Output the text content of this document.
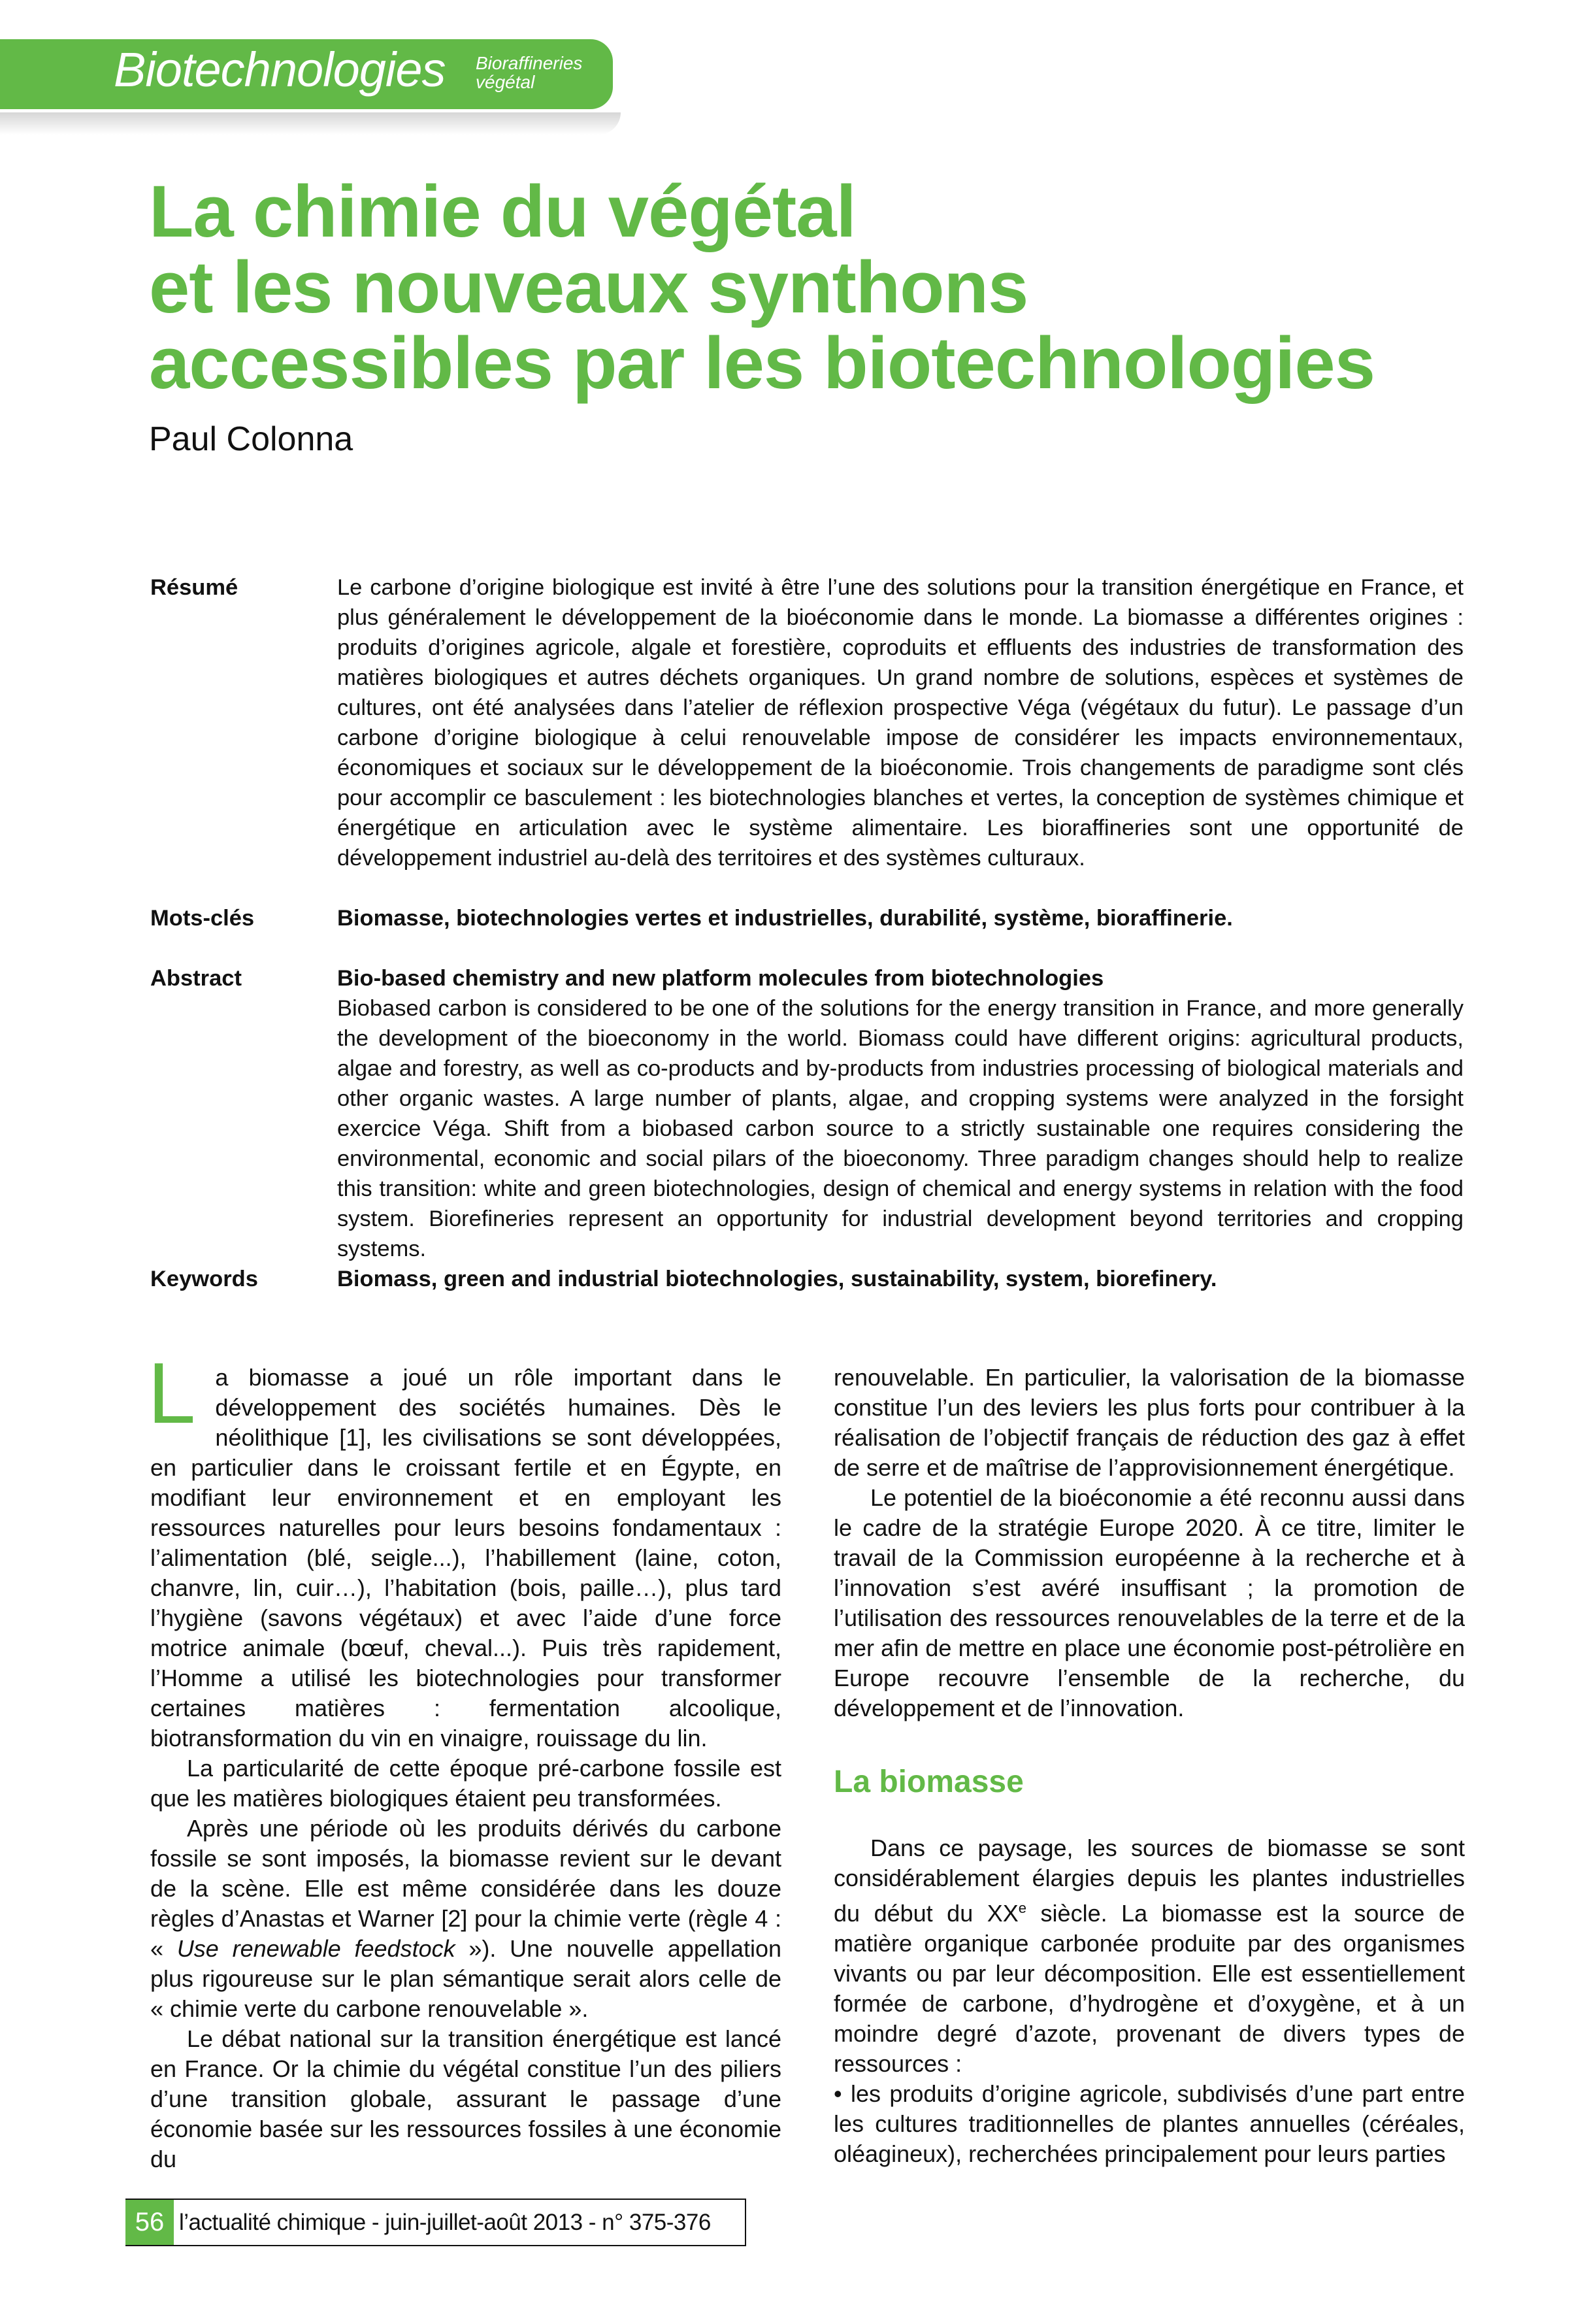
Biotechnologies Bioraffineries
végétal
La chimie du végétal
et les nouveaux synthons
accessibles par les biotechnologies
Paul Colonna
Résumé	Le carbone d’origine biologique est invité à être l’une des solutions pour la transition énergétique en France, et plus généralement le développement de la bioéconomie dans le monde. La biomasse a différentes origines : produits d’origines agricole, algale et forestière, coproduits et effluents des industries de transformation des matières biologiques et autres déchets organiques. Un grand nombre de solutions, espèces et systèmes de cultures, ont été analysées dans l’atelier de réflexion prospective Véga (végétaux du futur). Le passage d’un carbone d’origine biologique à celui renouvelable impose de considérer les impacts environnementaux, économiques et sociaux sur le développement de la bioéconomie. Trois changements de paradigme sont clés pour accomplir ce basculement : les biotechnologies blanches et vertes, la conception de systèmes chimique et énergétique en articulation avec le système alimentaire. Les bioraffineries sont une opportunité de développement industriel au-delà des territoires et des systèmes culturaux.
Mots-clés	Biomasse, biotechnologies vertes et industrielles, durabilité, système, bioraffinerie.
Abstract	Bio-based chemistry and new platform molecules from biotechnologies
Biobased carbon is considered to be one of the solutions for the energy transition in France, and more generally the development of the bioeconomy in the world. Biomass could have different origins: agricultural products, algae and forestry, as well as co-products and by-products from industries processing of biological materials and other organic wastes. A large number of plants, algae, and cropping systems were analyzed in the forsight exercice Véga. Shift from a biobased carbon source to a strictly sustainable one requires considering the environmental, economic and social pilars of the bioeconomy. Three paradigm changes should help to realize this transition: white and green biotechnologies, design of chemical and energy systems in relation with the food system. Biorefineries represent an opportunity for industrial development beyond territories and cropping systems.
Keywords	Biomass, green and industrial biotechnologies, sustainability, system, biorefinery.

La biomasse a joué un rôle important dans le développement des sociétés humaines. Dès le néolithique [1], les civilisations se sont développées, en particulier dans le croissant fertile et en Égypte, en modifiant leur environnement et en employant les ressources naturelles pour leurs besoins fondamentaux : l’alimentation (blé, seigle...), l’habillement (laine, coton, chanvre, lin, cuir…), l’habitation (bois, paille…), plus tard l’hygiène (savons végétaux) et avec l’aide d’une force motrice animale (bœuf, cheval...). Puis très rapidement, l’Homme a utilisé les biotechnologies pour transformer certaines matières : fermentation alcoolique, biotransformation du vin en vinaigre, rouissage du lin.

La particularité de cette époque pré-carbone fossile est que les matières biologiques étaient peu transformées.

Après une période où les produits dérivés du carbone fossile se sont imposés, la biomasse revient sur le devant de la scène. Elle est même considérée dans les douze règles d’Anastas et Warner [2] pour la chimie verte (règle 4 : « Use renewable feedstock »). Une nouvelle appellation plus rigoureuse sur le plan sémantique serait alors celle de « chimie verte du carbone renouvelable ».

Le débat national sur la transition énergétique est lancé en France. Or la chimie du végétal constitue l’un des piliers d’une transition globale, assurant le passage d’une économie basée sur les ressources fossiles à une économie du

renouvelable. En particulier, la valorisation de la biomasse constitue l’un des leviers les plus forts pour contribuer à la réalisation de l’objectif français de réduction des gaz à effet de serre et de maîtrise de l’approvisionnement énergétique.

Le potentiel de la bioéconomie a été reconnu aussi dans le cadre de la stratégie Europe 2020. À ce titre, limiter le travail de la Commission européenne à la recherche et à l’innovation s’est avéré insuffisant ; la promotion de l’utilisation des ressources renouvelables de la terre et de la mer afin de mettre en place une économie post-pétrolière en Europe recouvre l’ensemble de la recherche, du développement et de l’innovation.

La biomasse

Dans ce paysage, les sources de biomasse se sont considérablement élargies depuis les plantes industrielles du début du XXe siècle. La biomasse est la source de matière organique carbonée produite par des organismes vivants ou par leur décomposition. Elle est essentiellement formée de carbone, d’hydrogène et d’oxygène, et à un moindre degré d’azote, provenant de divers types de ressources :

• les produits d’origine agricole, subdivisés d’une part entre les cultures traditionnelles de plantes annuelles (céréales, oléagineux), recherchées principalement pour leurs parties

56 l’actualité chimique - juin-juillet-août 2013 - n° 375-376
